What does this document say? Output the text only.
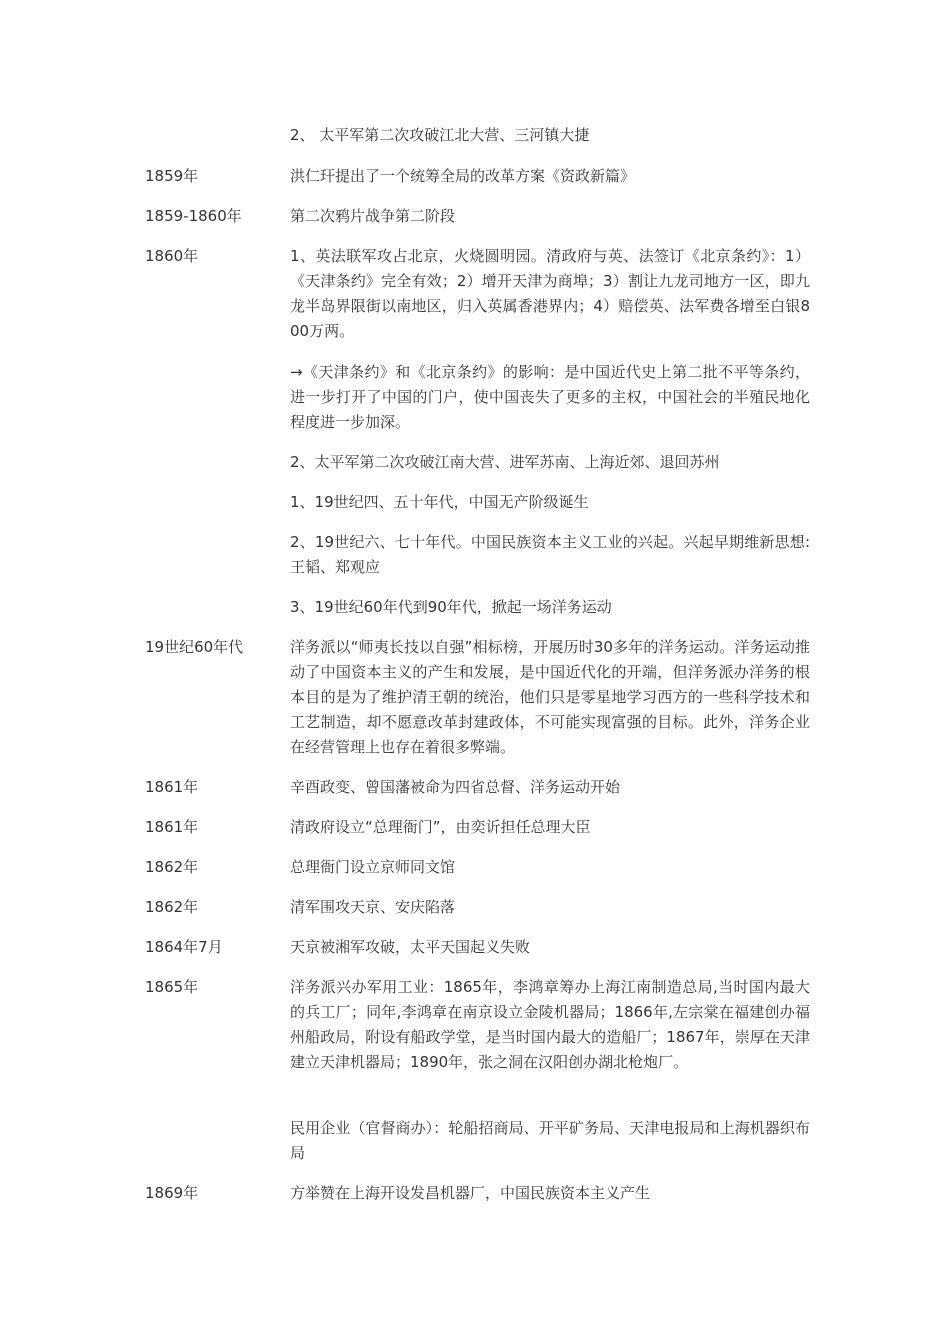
2、 太平军第二次攻破江北大营、三河镇大捷
1859年	洪仁玕提出了一个统筹全局的改革方案《资政新篇》
1859-1860年	第二次鸦片战争第二阶段
1860年	1、英法联军攻占北京，火烧圆明园。清政府与英、法签订《北京条约》：1）《天津条约》完全有效；2）增开天津为商埠；3）割让九龙司地方一区，即九龙半岛界限街以南地区，归入英属香港界内；4）赔偿英、法军费各增至白银800万两。
→《天津条约》和《北京条约》的影响：是中国近代史上第二批不平等条约，进一步打开了中国的门户，使中国丧失了更多的主权，中国社会的半殖民地化程度进一步加深。
2、太平军第二次攻破江南大营、进军苏南、上海近郊、退回苏州
1、19世纪四、五十年代，中国无产阶级诞生
2、19世纪六、七十年代。中国民族资本主义工业的兴起。兴起早期维新思想:王韬、郑观应
3、19世纪60年代到90年代，掀起一场洋务运动
19世纪60年代	洋务派以“师夷长技以自强”相标榜，开展历时30多年的洋务运动。洋务运动推动了中国资本主义的产生和发展，是中国近代化的开端，但洋务派办洋务的根本目的是为了维护清王朝的统治，他们只是零星地学习西方的一些科学技术和工艺制造，却不愿意改革封建政体，不可能实现富强的目标。此外，洋务企业在经营管理上也存在着很多弊端。
1861年	辛酉政变、曾国藩被命为四省总督、洋务运动开始
1861年	清政府设立“总理衙门”，由奕䜣担任总理大臣
1862年	总理衙门设立京师同文馆
1862年	清军围攻天京、安庆陷落
1864年7月	天京被湘军攻破，太平天国起义失败
1865年	洋务派兴办军用工业：1865年，李鸿章筹办上海江南制造总局,当时国内最大的兵工厂；同年,李鸿章在南京设立金陵机器局；1866年,左宗棠在福建创办福州船政局，附设有船政学堂，是当时国内最大的造船厂；1867年，崇厚在天津建立天津机器局；1890年，张之洞在汉阳创办湖北枪炮厂。
民用企业（官督商办）：轮船招商局、开平矿务局、天津电报局和上海机器织布局
1869年	方举赞在上海开设发昌机器厂，中国民族资本主义产生
